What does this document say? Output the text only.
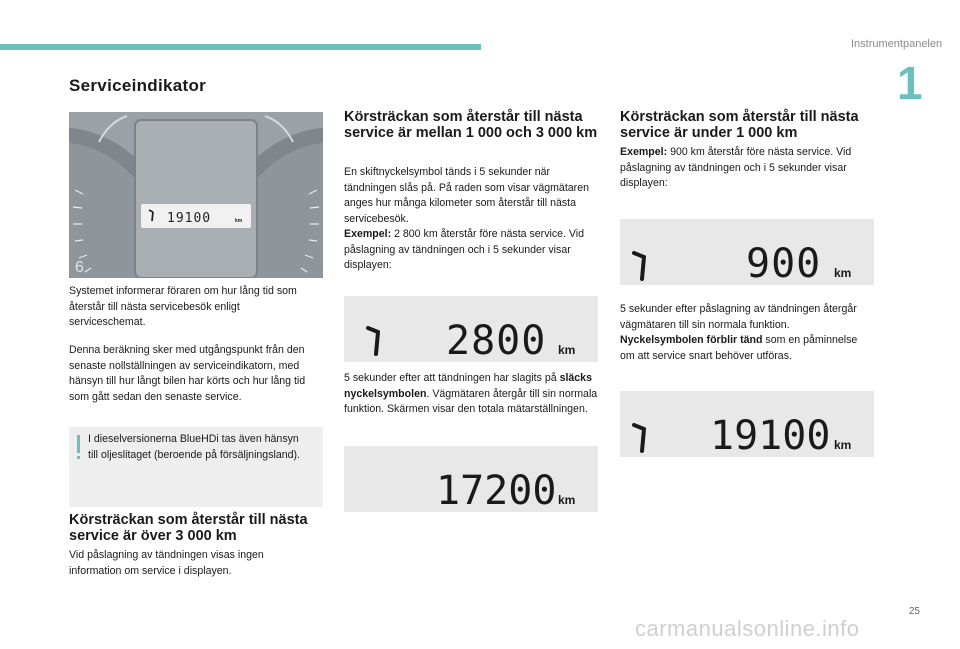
Instrumentpanelen
1
25
Serviceindikator
6
19100	km

Systemet informerar föraren om hur lång tid som återstår till nästa servicebesök enligt serviceschemat.

Denna beräkning sker med utgångspunkt från den senaste nollställningen av serviceindikatorn, med hänsyn till hur långt bilen har körts och hur lång tid som gått sedan den senaste service.

I dieselversionerna BlueHDi tas även hänsyn till oljeslitaget (beroende på försäljningsland).

Körsträckan som återstår till nästa service är över 3 000 km

Vid påslagning av tändningen visas ingen information om service i displayen.

Körsträckan som återstår till nästa service är mellan 1 000 och 3 000 km

En skiftnyckelsymbol tänds i 5 sekunder när tändningen slås på. På raden som visar vägmätaren anges hur många kilometer som återstår till nästa servicebesök.
Exempel: 2 800 km återstår före nästa service. Vid påslagning av tändningen och i 5 sekunder visar displayen:

2800 km

5 sekunder efter att tändningen har slagits på släcks nyckelsymbolen. Vägmätaren återgår till sin normala funktion. Skärmen visar den totala mätarställningen.

17200 km
Körsträckan som återstår till nästa service är under 1 000 km

Exempel: 900 km återstår före nästa service. Vid påslagning av tändningen och i 5 sekunder visar displayen:

900 km

5 sekunder efter påslagning av tändningen återgår vägmätaren till sin normala funktion.
Nyckelsymbolen förblir tänd som en påminnelse om att service snart behöver utföras.

19100 km
carmanualsonline.info
